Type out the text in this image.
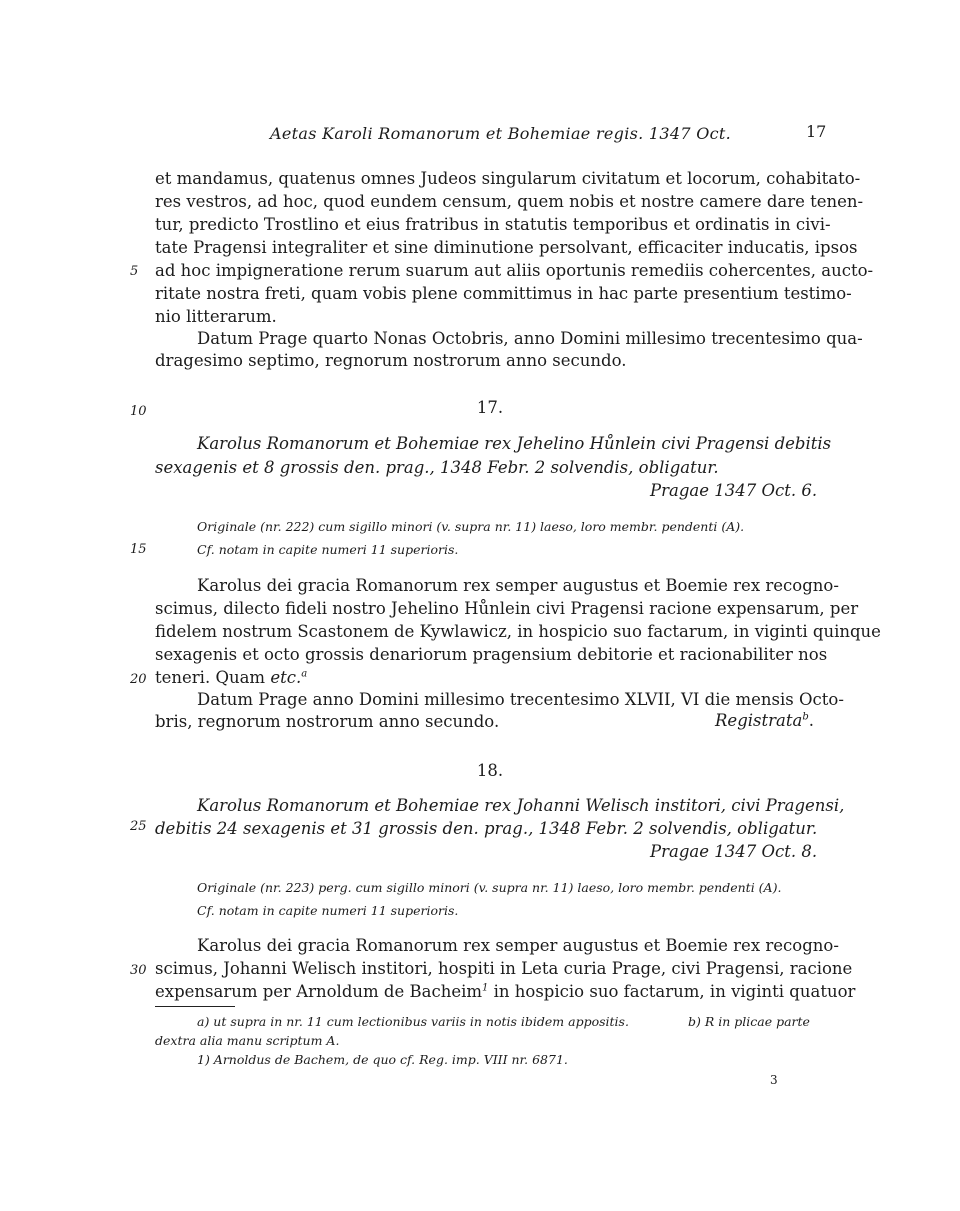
Aetas Karoli Romanorum et Bohemiae regis. 1347 Oct.	17
et mandamus, quatenus omnes Judeos singularum civitatum et locorum, cohabitato-
res vestros, ad hoc, quod eundem censum, quem nobis et nostre camere dare tenen-
tur, predicto Trostlino et eius fratribus in statutis temporibus et ordinatis in civi-
tate Pragensi integraliter et sine diminutione persolvant, efficaciter inducatis, ipsos
ad hoc impigneratione rerum suarum aut aliis oportunis remediis cohercentes, aucto-
ritate nostra freti, quam vobis plene committimus in hac parte presentium testimo-
nio litterarum.
Datum Prage quarto Nonas Octobris, anno Domini millesimo trecentesimo qua-
dragesimo septimo, regnorum nostrorum anno secundo.
5
10
15
20
25
30
17.
Karolus Romanorum et Bohemiae rex Jehelino Hůnlein civi Pragensi debitis
sexagenis et 8 grossis den. prag., 1348 Febr. 2 solvendis, obligatur.
Pragae 1347 Oct. 6.
Originale (nr. 222) cum sigillo minori (v. supra nr. 11) laeso, loro membr. pendenti (A).
Cf. notam in capite numeri 11 superioris.
Karolus dei gracia Romanorum rex semper augustus et Boemie rex recogno-
scimus, dilecto fideli nostro Jehelino Hůnlein civi Pragensi racione expensarum, per
fidelem nostrum Scastonem de Kywlawicz, in hospicio suo factarum, in viginti quinque
sexagenis et octo grossis denariorum pragensium debitorie et racionabiliter nos
teneri. Quam etc.$^a$
Datum Prage anno Domini millesimo trecentesimo XLVII, VI die mensis Octo-
bris, regnorum nostrorum anno secundo.	Registrata$^b$.
18.
Karolus Romanorum et Bohemiae rex Johanni Welisch institori, civi Pragensi,
debitis 24 sexagenis et 31 grossis den. prag., 1348 Febr. 2 solvendis, obligatur.
Pragae 1347 Oct. 8.
Originale (nr. 223) perg. cum sigillo minori (v. supra nr. 11) laeso, loro membr. pendenti (A).
Cf. notam in capite numeri 11 superioris.
Karolus dei gracia Romanorum rex semper augustus et Boemie rex recogno-
scimus, Johanni Welisch institori, hospiti in Leta curia Prage, civi Pragensi, racione
expensarum per Arnoldum de Bacheim$^1$ in hospicio suo factarum, in viginti quatuor
a) ut supra in nr. 11 cum lectionibus variis in notis ibidem appositis.	b) R in plicae parte
dextra alia manu scriptum A.
1) Arnoldus de Bachem, de quo cf. Reg. imp. VIII nr. 6871.
3
